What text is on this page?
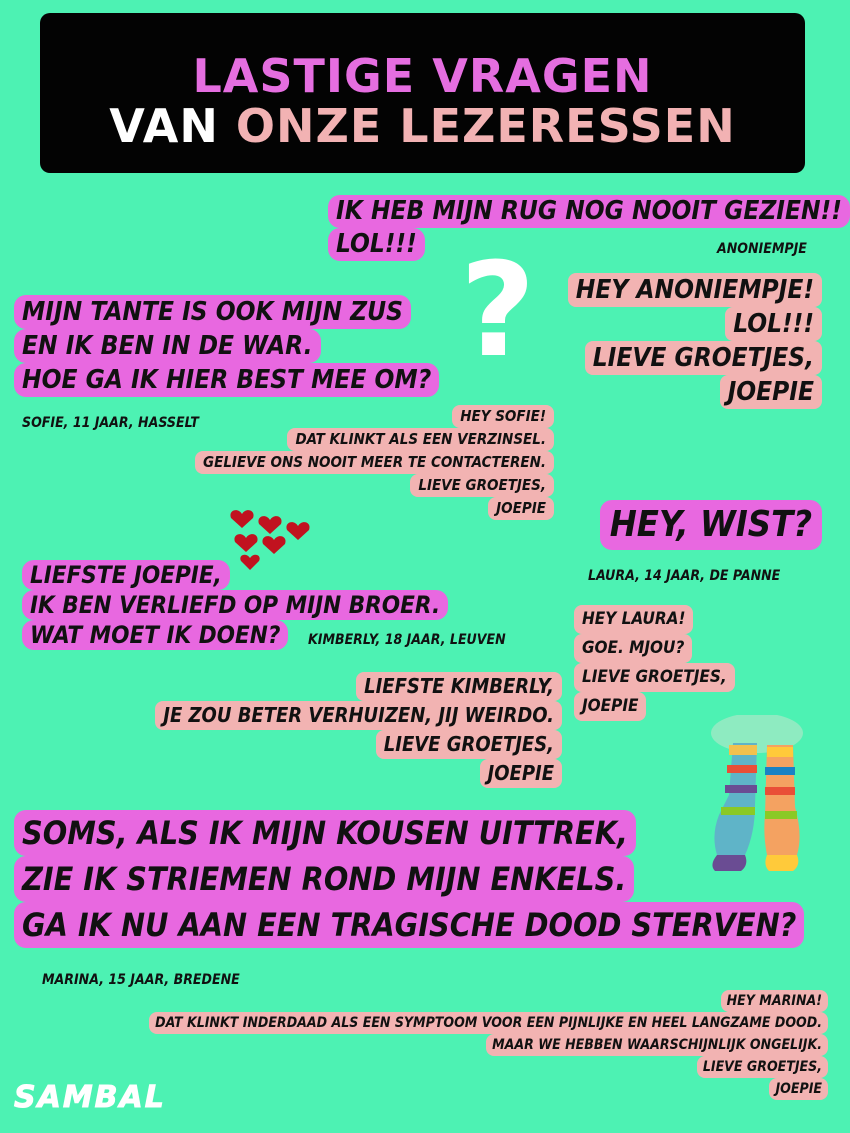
LASTIGE VRAGEN
VAN ONZE LEZERESSEN
IK HEB MIJN RUG NOG NOOIT GEZIEN!!
LOL!!!	ANONIEMPJE
?	HEY ANONIEMPJE!
LOL!!!
LIEVE GROETJES,
JOEPIE
MIJN TANTE IS OOK MIJN ZUS
EN IK BEN IN DE WAR.
HOE GA IK HIER BEST MEE OM?
SOFIE, 11 JAAR, HASSELT	HEY SOFIE!
DAT KLINKT ALS EEN VERZINSEL.
GELIEVE ONS NOOIT MEER TE CONTACTEREN.
LIEVE GROETJES,
JOEPIE HEY, WIST?
LAURA, 14 JAAR, DE PANNE
LIEFSTE JOEPIE,
IK BEN VERLIEFD OP MIJN BROER.
WAT MOET IK DOEN?	KIMBERLY, 18 JAAR, LEUVEN
HEY LAURA!
GOE. MJOU?
LIEVE GROETJES,
JOEPIE
LIEFSTE KIMBERLY,
JE ZOU BETER VERHUIZEN, JIJ WEIRDO.
LIEVE GROETJES,
JOEPIE
SOMS, ALS IK MIJN KOUSEN UITTREK,
ZIE IK STRIEMEN ROND MIJN ENKELS.
GA IK NU AAN EEN TRAGISCHE DOOD STERVEN?
MARINA, 15 JAAR, BREDENE
HEY MARINA!
DAT KLINKT INDERDAAD ALS EEN SYMPTOOM VOOR EEN PIJNLIJKE EN HEEL LANGZAME DOOD.
MAAR WE HEBBEN WAARSCHIJNLIJK ONGELIJK.
LIEVE GROETJES,
JOEPIE
SAMBAL
